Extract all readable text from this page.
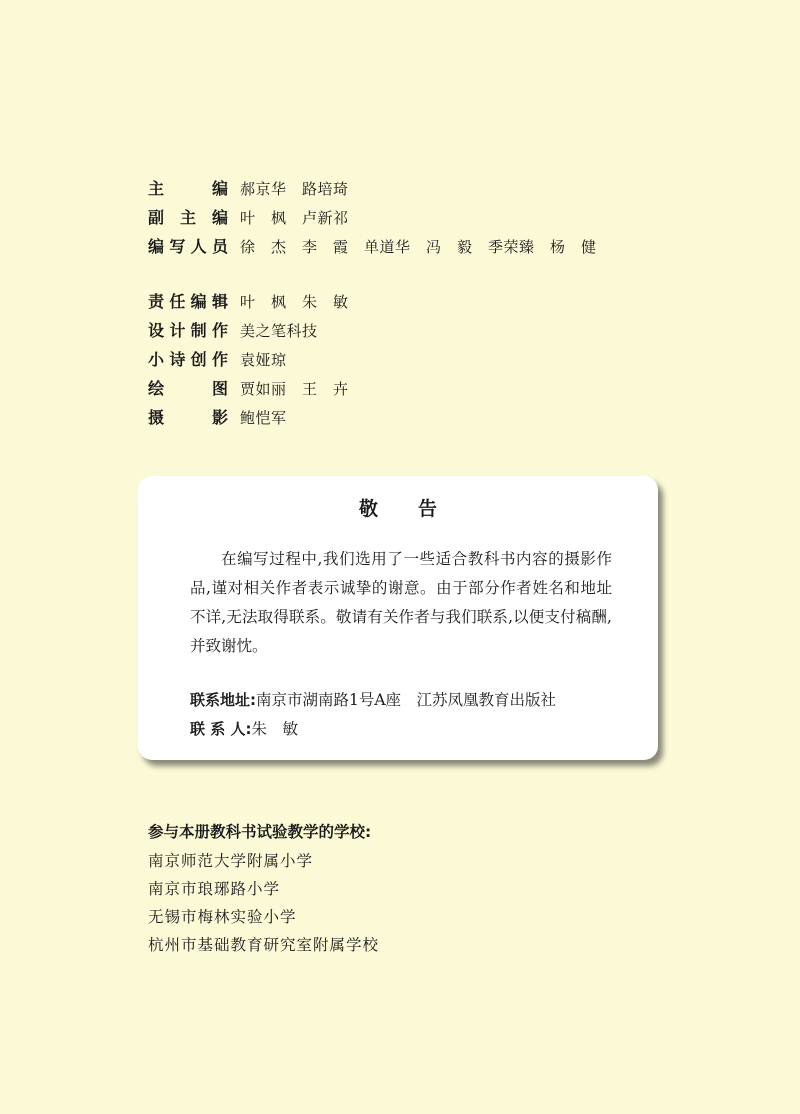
主编 郝京华　路培琦
副主编 叶　枫　卢新祁
编写人员 徐　杰　李　霞　单道华　冯　毅　季荣臻　杨　健
责任编辑 叶　枫　朱　敏
设计制作 美之笔科技
小诗创作 袁娅琼
绘图 贾如丽　王　卉
摄影 鲍恺军
敬告

在编写过程中,我们选用了一些适合教科书内容的摄影作品,谨对相关作者表示诚挚的谢意。由于部分作者姓名和地址不详,无法取得联系。敬请有关作者与我们联系,以便支付稿酬,并致谢忱。

联系地址:南京市湖南路1号A座　江苏凤凰教育出版社
联 系 人:朱　敏
参与本册教科书试验教学的学校:
南京师范大学附属小学
南京市琅琊路小学
无锡市梅林实验小学
杭州市基础教育研究室附属学校
